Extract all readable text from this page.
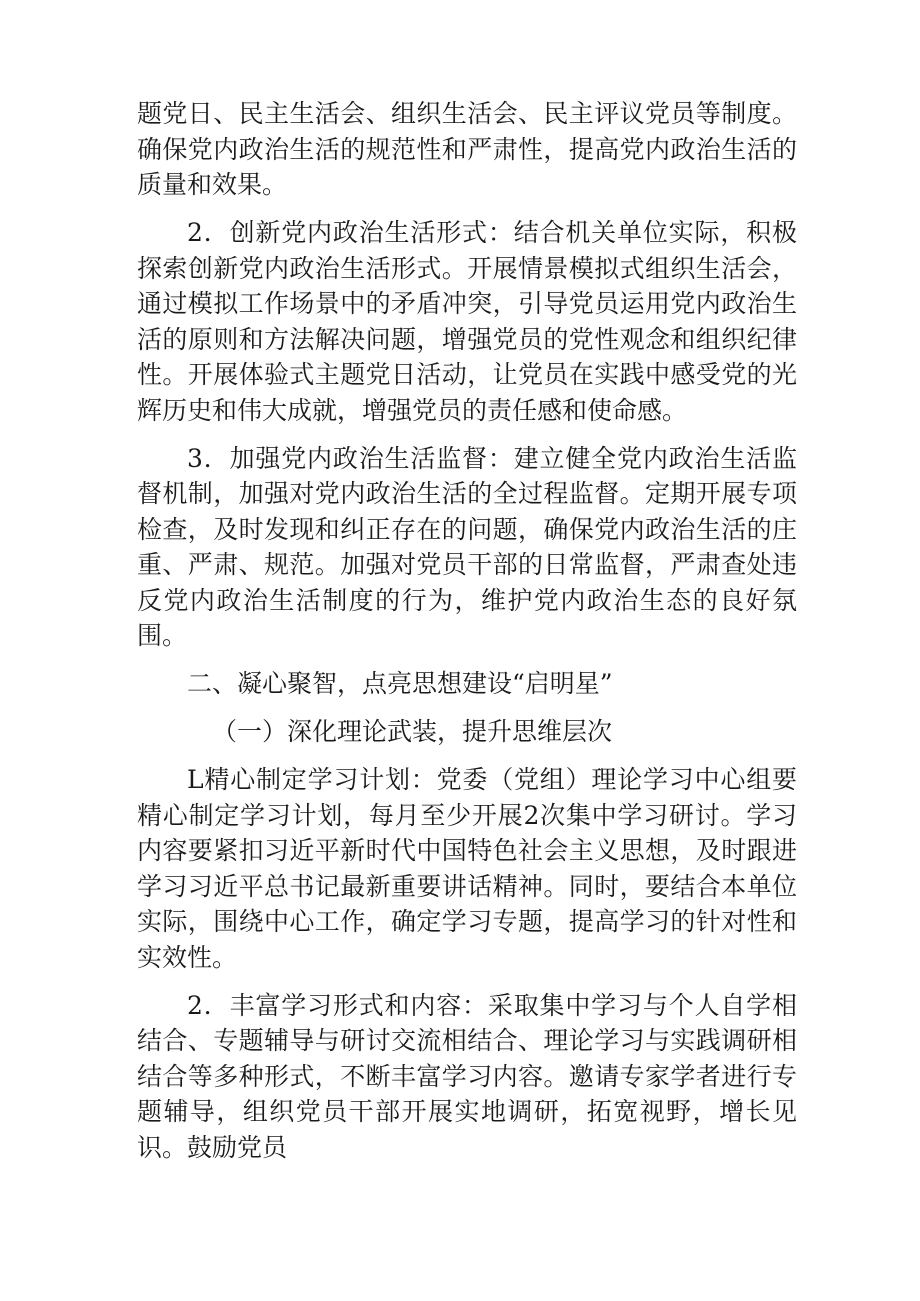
题党日、民主生活会、组织生活会、民主评议党员等制度。确保党内政治生活的规范性和严肃性，提高党内政治生活的质量和效果。

2．创新党内政治生活形式：结合机关单位实际，积极探索创新党内政治生活形式。开展情景模拟式组织生活会，通过模拟工作场景中的矛盾冲突，引导党员运用党内政治生活的原则和方法解决问题，增强党员的党性观念和组织纪律性。开展体验式主题党日活动，让党员在实践中感受党的光辉历史和伟大成就，增强党员的责任感和使命感。

3．加强党内政治生活监督：建立健全党内政治生活监督机制，加强对党内政治生活的全过程监督。定期开展专项检查，及时发现和纠正存在的问题，确保党内政治生活的庄重、严肃、规范。加强对党员干部的日常监督，严肃查处违反党内政治生活制度的行为，维护党内政治生态的良好氛围。

二、凝心聚智，点亮思想建设“启明星”

（一）深化理论武装，提升思维层次

L精心制定学习计划：党委（党组）理论学习中心组要精心制定学习计划，每月至少开展2次集中学习研讨。学习内容要紧扣习近平新时代中国特色社会主义思想，及时跟进学习习近平总书记最新重要讲话精神。同时，要结合本单位实际，围绕中心工作，确定学习专题，提高学习的针对性和实效性。

2．丰富学习形式和内容：采取集中学习与个人自学相结合、专题辅导与研讨交流相结合、理论学习与实践调研相结合等多种形式，不断丰富学习内容。邀请专家学者进行专题辅导，组织党员干部开展实地调研，拓宽视野，增长见识。鼓励党员
